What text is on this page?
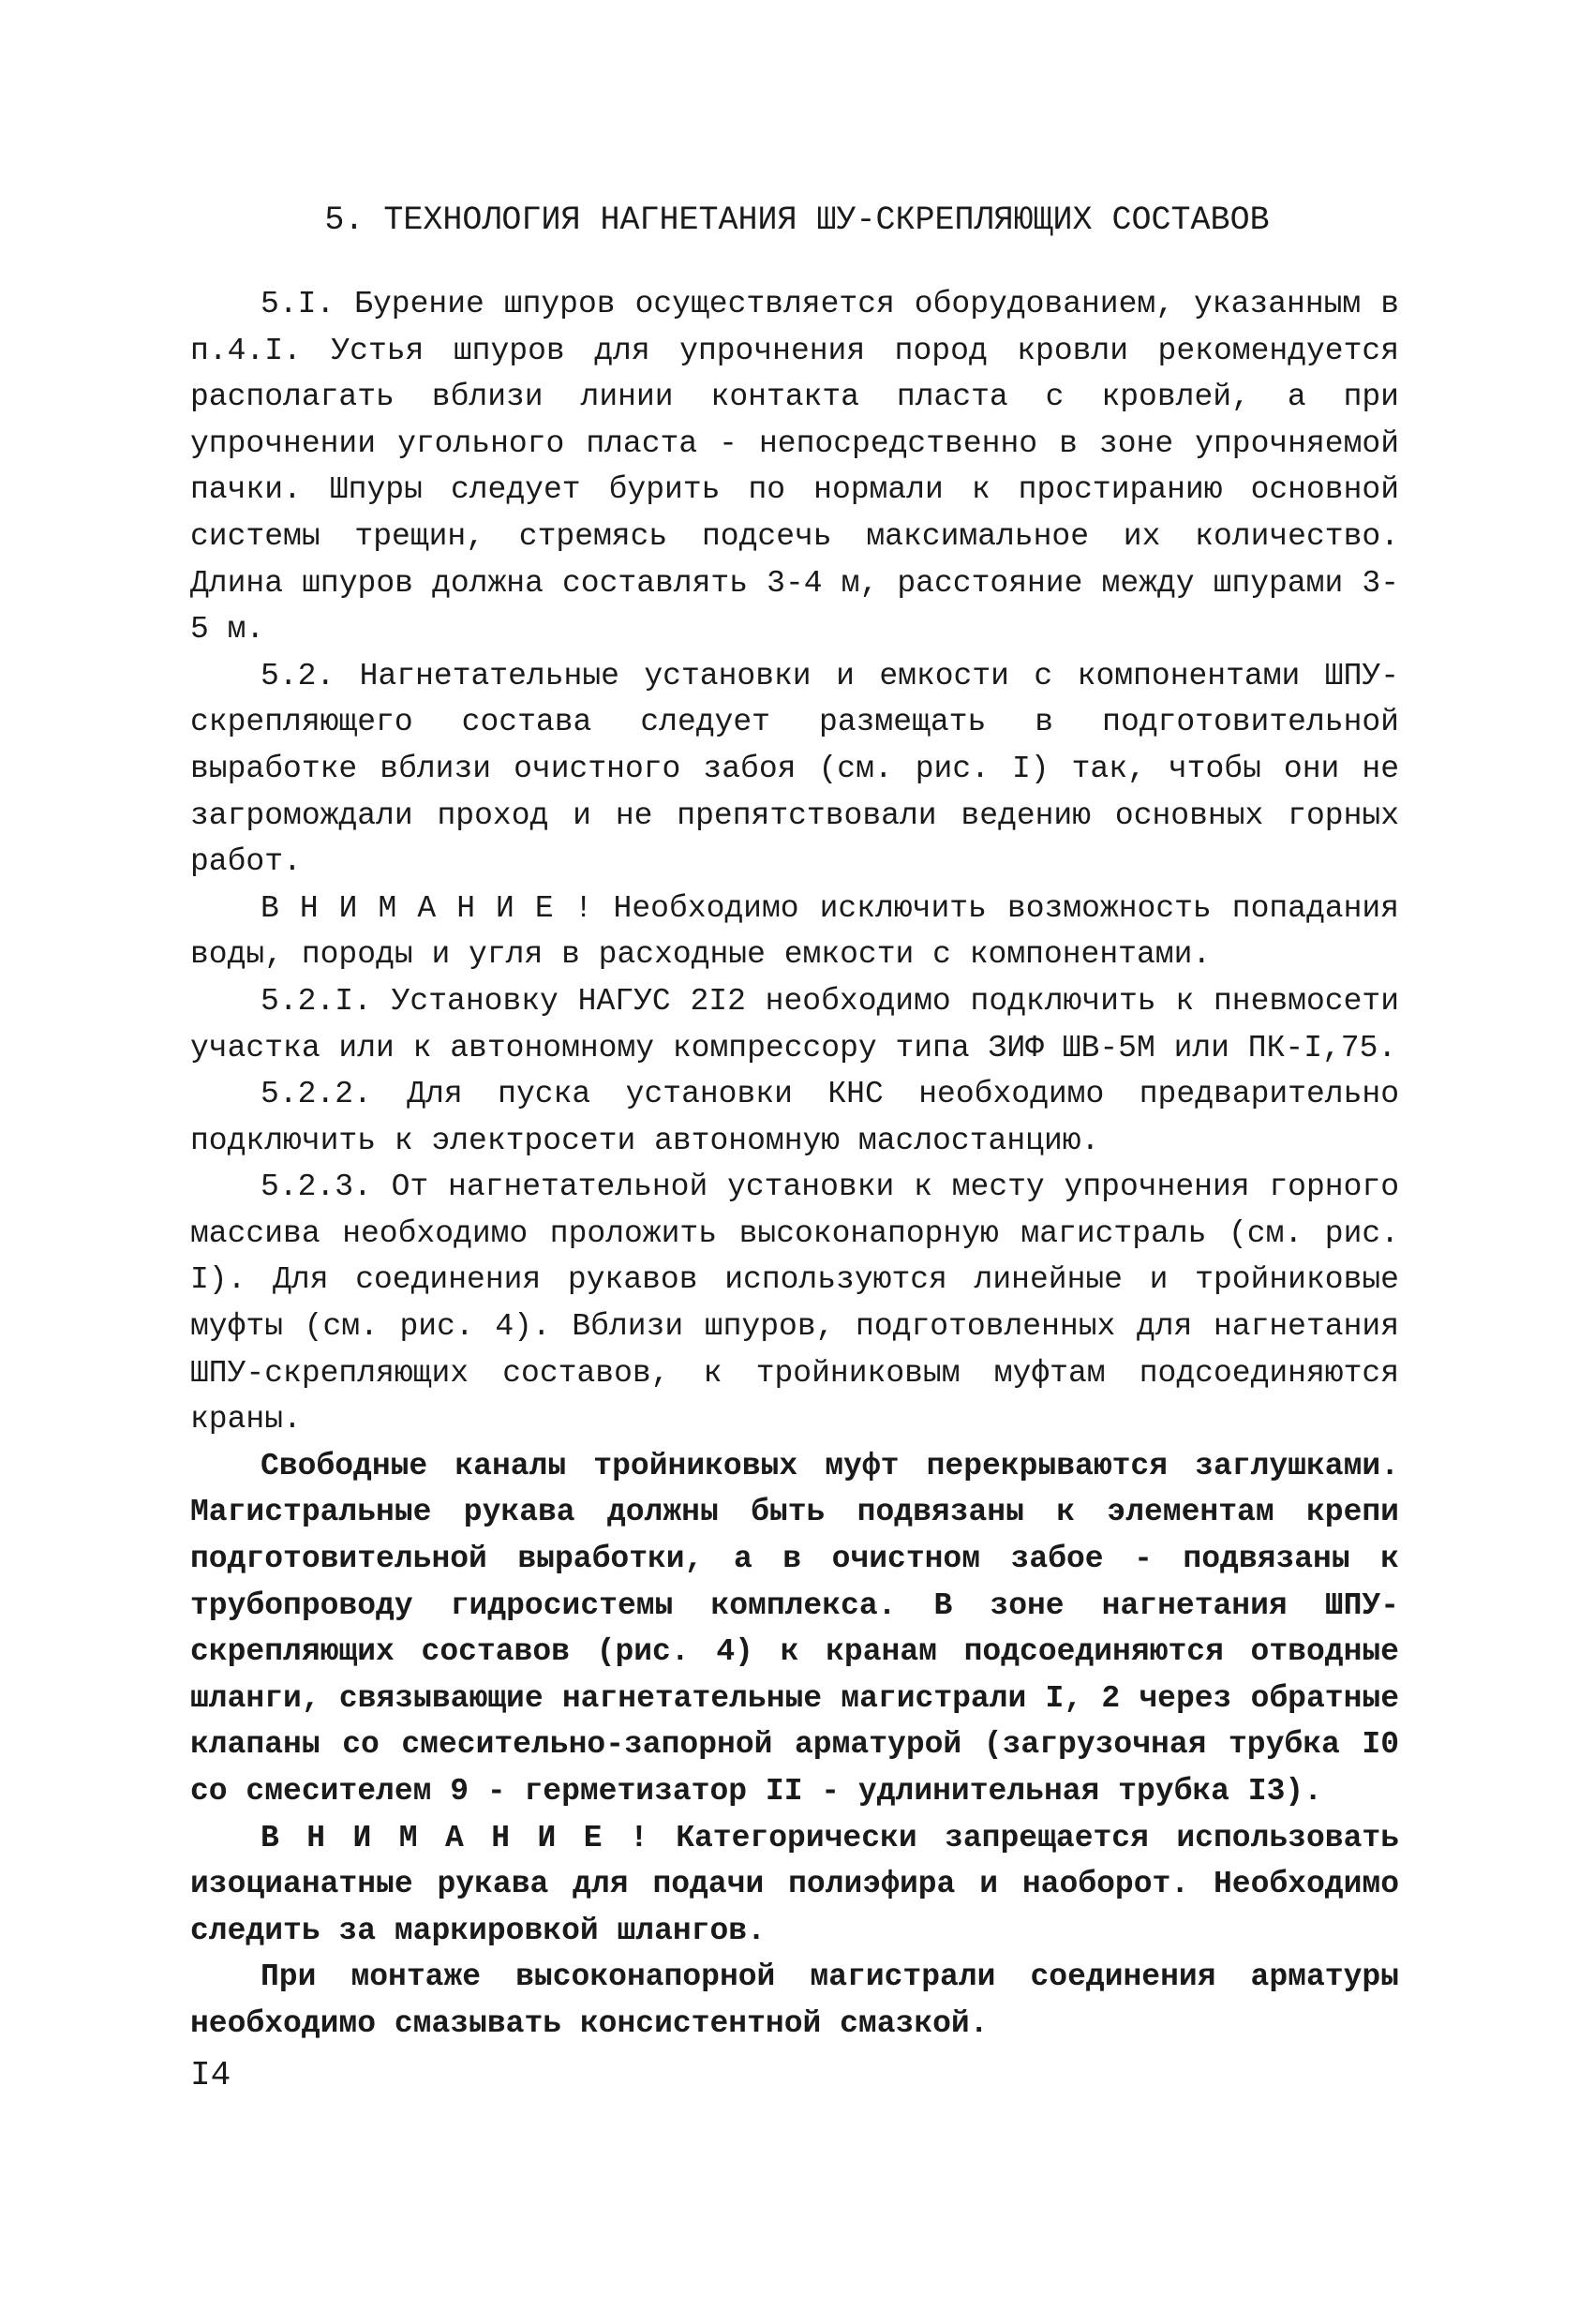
5. ТЕХНОЛОГИЯ НАГНЕТАНИЯ ШУ-СКРЕПЛЯЮЩИХ СОСТАВОВ

5.I. Бурение шпуров осуществляется оборудованием, указанным в п.4.I. Устья шпуров для упрочнения пород кровли рекомендуется располагать вблизи линии контакта пласта с кровлей, а при упрочнении угольного пласта - непосредственно в зоне упрочняемой пачки. Шпуры следует бурить по нормали к простиранию основной системы трещин, стремясь подсечь максимальное их количество. Длина шпуров должна составлять 3-4 м, расстояние между шпурами 3-5 м.

5.2. Нагнетательные установки и емкости с компонентами ШПУ-скрепляющего состава следует размещать в подготовительной выработке вблизи очистного забоя (см. рис. I) так, чтобы они не загромождали проход и не препятствовали ведению основных горных работ.

В Н И М А Н И Е ! Необходимо исключить возможность попадания воды, породы и угля в расходные емкости с компонентами.

5.2.I. Установку НАГУС 2I2 необходимо подключить к пневмосети участка или к автономному компрессору типа ЗИФ ШВ-5М или ПК-I,75.

5.2.2. Для пуска установки КНС необходимо предварительно подключить к электросети автономную маслостанцию.

5.2.3. От нагнетательной установки к месту упрочнения горного массива необходимо проложить высоконапорную магистраль (см. рис. I). Для соединения рукавов используются линейные и тройниковые муфты (см. рис. 4). Вблизи шпуров, подготовленных для нагнетания ШПУ-скрепляющих составов, к тройниковым муфтам подсоединяются краны.

Свободные каналы тройниковых муфт перекрываются заглушками. Магистральные рукава должны быть подвязаны к элементам крепи подготовительной выработки, а в очистном забое - подвязаны к трубопроводу гидросистемы комплекса. В зоне нагнетания ШПУ-скрепляющих составов (рис. 4) к кранам подсоединяются отводные шланги, связывающие нагнетательные магистрали I, 2 через обратные клапаны со смесительно-запорной арматурой (загрузочная трубка I0 со смесителем 9 - герметизатор II - удлинительная трубка I3).

В Н И М А Н И Е ! Категорически запрещается использовать изоцианатные рукава для подачи полиэфира и наоборот. Необходимо следить за маркировкой шлангов.

При монтаже высоконапорной магистрали соединения арматуры необходимо смазывать консистентной смазкой.

I4
